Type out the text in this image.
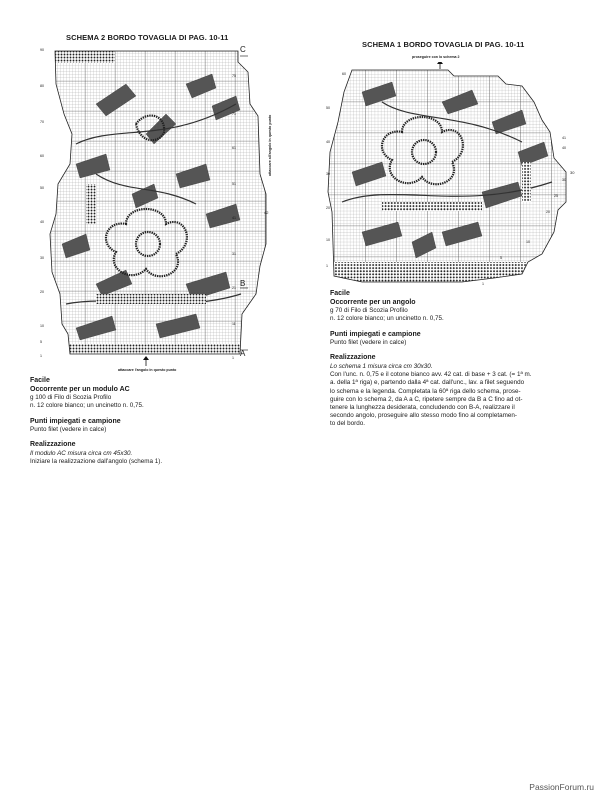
SCHEMA 2 BORDO TOVAGLIA DI PAG. 10-11
C
B
A
42
90
80
70
60
50
40
30
20
10
5
1
75
71
61
51
41
31
21
11
1
attaccare l'angolo in questo punto
Facile
Occorrente per un modulo AC
g 100 di Filo di Scozia Profilo
n. 12 colore bianco; un uncinetto n. 0,75.
Punti impiegati e campione
Punto filet (vedere in calce)
Realizzazione
Il modulo AC misura circa cm 45x30.
Iniziare la realizzazione dall'angolo (schema 1).
SCHEMA 1 BORDO TOVAGLIA DI PAG. 10-11
proseguire con lo schema 2
attaccare all'angolo in questo punto	30
60
50
40
30
20
10
1
41
40
30
25
20
10
5
1
Facile
Occorrente per un angolo
g 70 di Filo di Scozia Profilo
n. 12 colore bianco; un uncinetto n. 0,75.
Punti impiegati e campione
Punto filet (vedere in calce)
Realizzazione
Lo schema 1 misura circa cm 30x30.
Con l'unc. n. 0,75 e il cotone bianco avv. 42 cat. di base + 3 cat. (= 1ª m.
a. della 1ª riga) e, partendo dalla 4ª cat. dall'unc., lav. a filet seguendo
lo schema e la legenda. Completata la 60ª riga dello schema, prose-
guire con lo schema 2, da A a C, ripetere sempre da B a C fino ad ot-
tenere la lunghezza desiderata, concludendo con B-A, realizzare il
secondo angolo, proseguire allo stesso modo fino al completamen-
to del bordo.
PassionForum.ru
